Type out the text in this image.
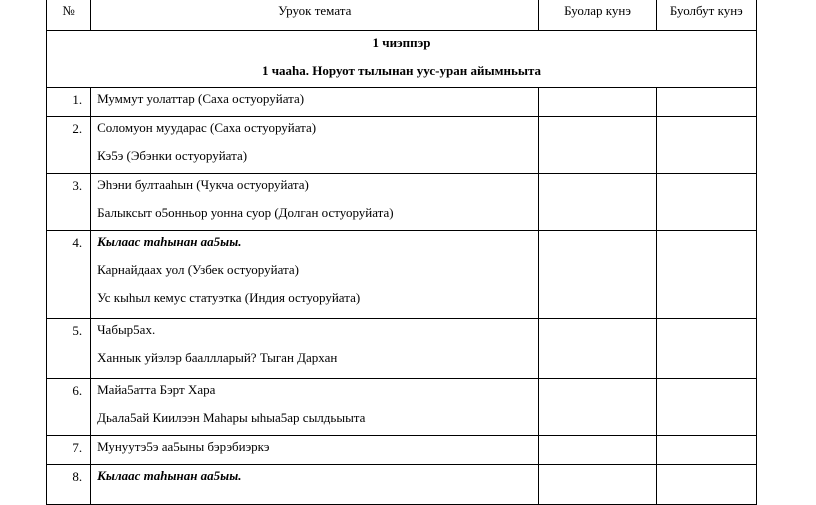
№	Уруок темата	Буолар кунэ	Буолбут кунэ

1 чиэппэр
1 чааhа. Норуот тылынан уус-уран айымньыта			

1.	Муммут уолаттар (Саха остуоруйата)		

2.	Соломуон муударас (Саха остуоруйата)

Кэ5э (Эбэнки остуоруйата)		

3.	Эhэни бултааhын (Чукча остуоруйата)

Балыксыт о5онньор уонна суор (Долган остуоруйата)		

4.	Кылаас таhынан аа5ыы.

Карнайдаах уол (Узбек остуоруйата)

Ус кыhыл кемус статуэтка (Индия остуоруйата)		

5.	Чабыр5ах.

Ханнык уйэлэр бааллларый? Тыган Дархан		

6.	Майа5атта Бэрт Хара

Дьала5ай Киилээн Маhары ыhыа5ар сылдьыыта		

7.	Мунуутэ5э аа5ыны бэрэбиэркэ		

8.	Кылаас таhынан аа5ыы.		
